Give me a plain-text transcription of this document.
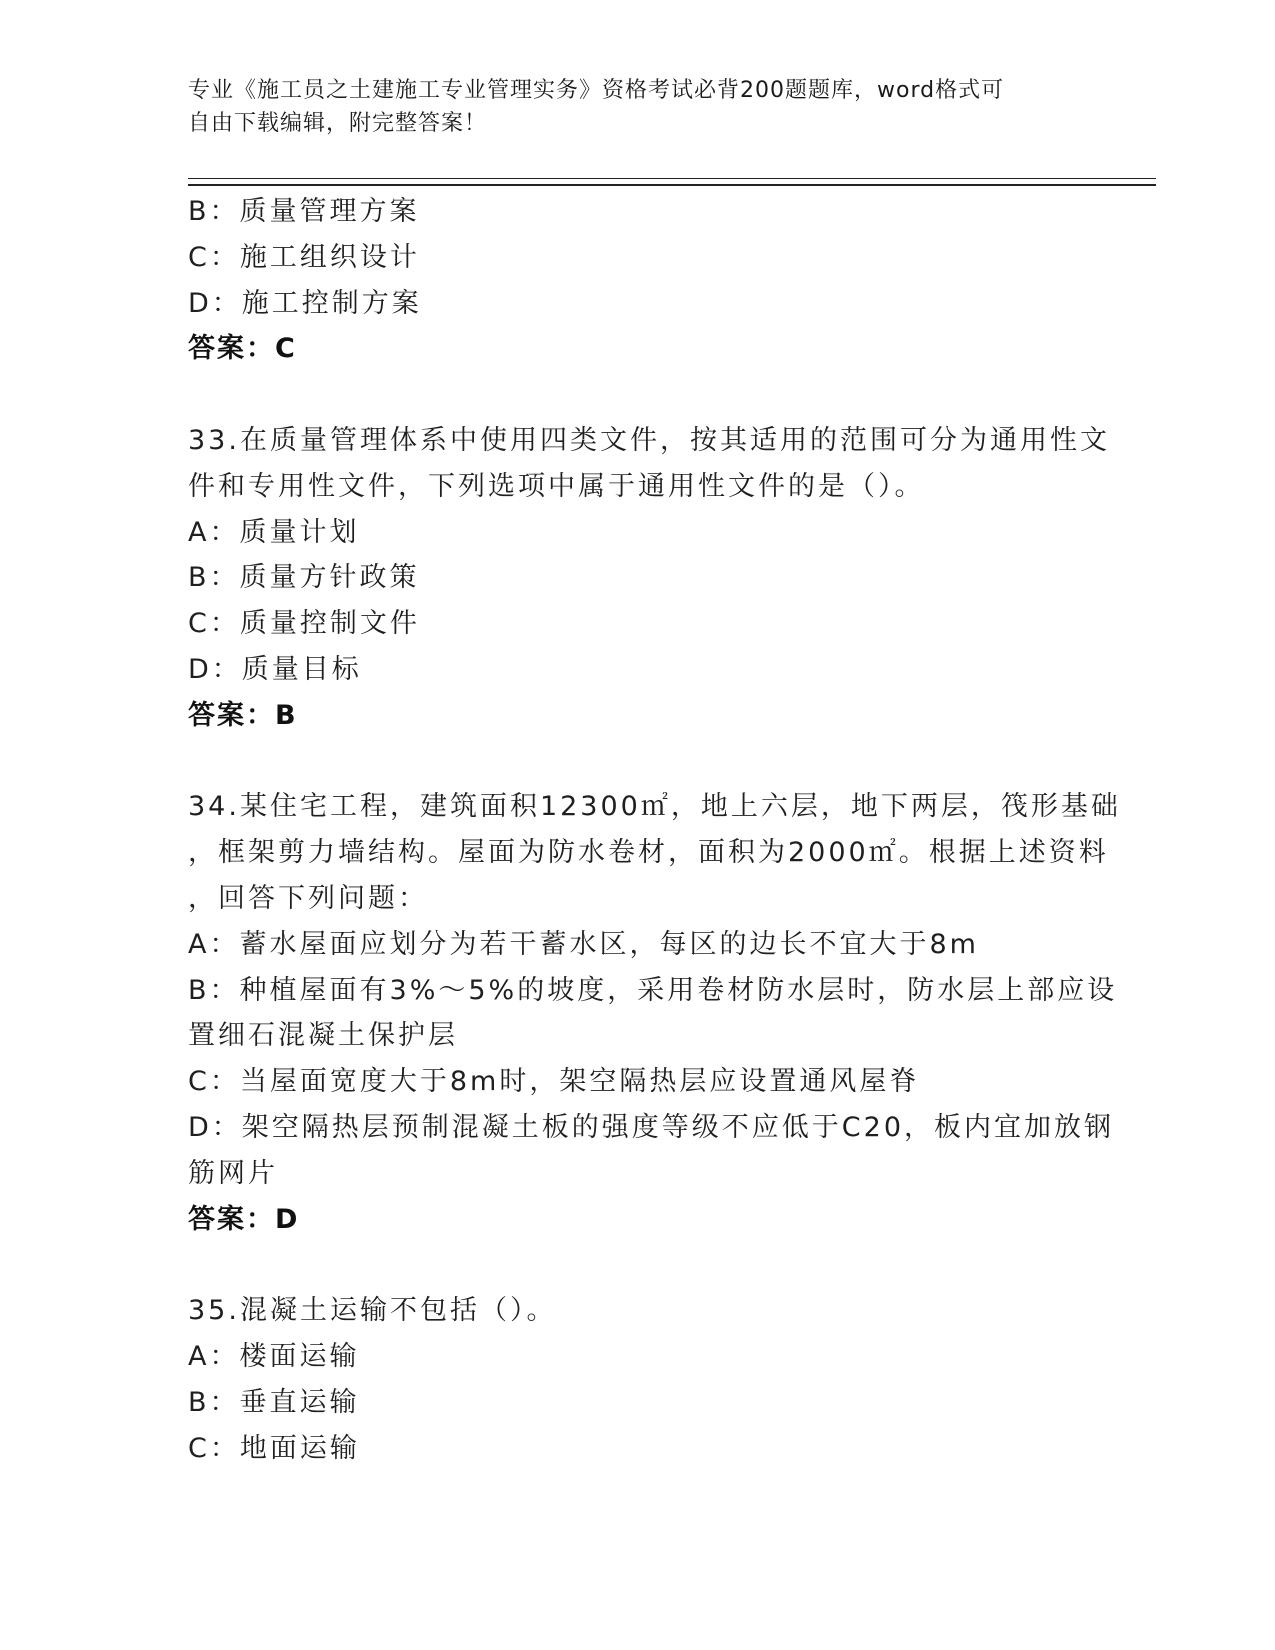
专业《施工员之土建施工专业管理实务》资格考试必背200题题库，word格式可
自由下载编辑，附完整答案！
B：质量管理方案
C：施工组织设计
D：施工控制方案
答案：C
33.在质量管理体系中使用四类文件，按其适用的范围可分为通用性文
件和专用性文件，下列选项中属于通用性文件的是（）。
A：质量计划
B：质量方针政策
C：质量控制文件
D：质量目标
答案：B
34.某住宅工程，建筑面积12300㎡，地上六层，地下两层，筏形基础
，框架剪力墙结构。屋面为防水卷材，面积为2000㎡。根据上述资料
，回答下列问题：
A：蓄水屋面应划分为若干蓄水区，每区的边长不宜大于8m
B：种植屋面有3%～5%的坡度，采用卷材防水层时，防水层上部应设
置细石混凝土保护层
C：当屋面宽度大于8m时，架空隔热层应设置通风屋脊
D：架空隔热层预制混凝土板的强度等级不应低于C20，板内宜加放钢
筋网片
答案：D
35.混凝土运输不包括（）。
A：楼面运输
B：垂直运输
C：地面运输
